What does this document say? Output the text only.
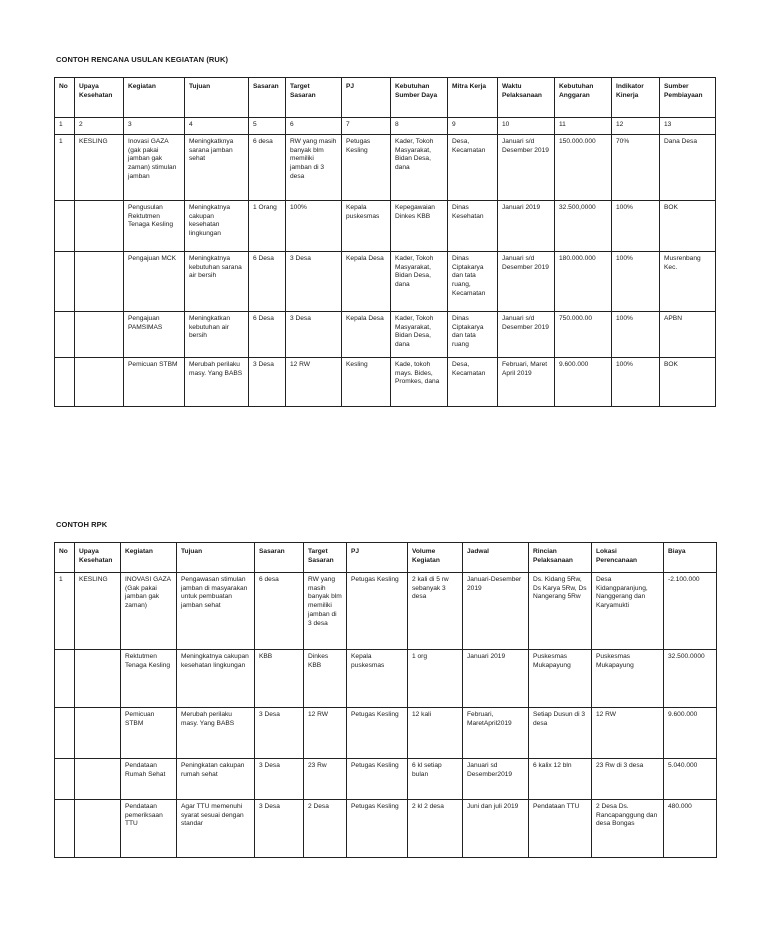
CONTOH RENCANA USULAN KEGIATAN (RUK)
No	Upaya Kesehatan	Kegiatan	Tujuan	Sasaran	Target Sasaran	PJ	Kebutuhan Sumber Daya	Mitra Kerja	Waktu Pelaksanaan	Kebutuhan Anggaran	Indikator Kinerja	Sumber Pembiayaan
1	2	3	4	5	6	7	8	9	10	11	12	13
1	KESLING	Inovasi GAZA (gak pakai jamban gak zaman) stimulan jamban	Meningkatknya sarana jamban sehat	6 desa	RW yang masih banyak blm memiliki jamban di 3 desa	Petugas Kesling	Kader, Tokoh Masyarakat, Bidan Desa, dana	Desa, Kecamatan	Januari s/d Desember 2019	150.000.000	70%	Dana Desa
		Pengusulan Rektutmen Tenaga Kesling	Meningkatnya cakupan kesehatan lingkungan	1 Orang	100%	Kepala puskesmas	Kepegawaian Dinkes KBB	Dinas Kesehatan	Januari 2019	32.500,0000	100%	BOK
		Pengajuan MCK	Meningkatnya kebutuhan sarana air bersih	6 Desa	3 Desa	Kepala Desa	Kader, Tokoh Masyarakat, Bidan Desa, dana	Dinas Ciptakarya dan tata ruang, Kecamatan	Januari s/d Desember 2019	180.000.000	100%	Musrenbang Kec.
		Pengajuan PAMSIMAS	Meningkatkan kebutuhan air bersih	6 Desa	3 Desa	Kepala Desa	Kader, Tokoh Masyarakat, Bidan Desa, dana	Dinas Ciptakarya dan tata ruang	Januari s/d Desember 2019	750.000.00	100%	APBN
		Pemicuan STBM	Merubah perilaku masy. Yang BABS	3 Desa	12 RW	Kesling	Kade, tokoh mays. Bides, Promkes, dana	Desa, Kecamatan	Februari, Maret April 2019	9.600.000	100%	BOK
CONTOH RPK
No	Upaya Kesehatan	Kegiatan	Tujuan	Sasaran	Target Sasaran	PJ	Volume Kegiatan	Jadwal	Rincian Pelaksanaan	Lokasi Perencanaan	Biaya
1	KESLING	INOVASI GAZA (Gak pakai jamban gak zaman)	Pengawasan stimulan jamban di masyarakan untuk pembuatan jamban sehat	6 desa	RW yang masih banyak blm memiliki jamban di 3 desa	Petugas Kesling	2 kali di 5 rw sebanyak 3 desa	Januari-Desember 2019	Ds. Kidang 5Rw, Ds Karya 5Rw, Ds Nangerang 5Rw	Desa Kidangparanjung, Nanggerang dan Karyamukti	-2.100.000
		Rektutmen Tenaga Kesling	Meningkatnya cakupan kesehatan lingkungan	KBB	Dinkes KBB	Kepala puskesmas	1 org	Januari 2019	Puskesmas Mukapayung	Puskesmas Mukapayung	32.500.0000
		Pemicuan STBM	Merubah perilaku masy. Yang BABS	3 Desa	12 RW	Petugas Kesling	12 kali	Februari, MaretApril2019	Setiap Dusun di 3 desa	12 RW	9.600.000
		Pendataan Rumah Sehat	Peningkatan cakupan rumah sehat	3 Desa	23 Rw	Petugas Kesling	6 kl setiap bulan	Januari sd Desember2019	6 kalix 12 bln	23 Rw di 3 desa	5.040.000
		Pendataan pemeriksaan TTU	Agar TTU memenuhi syarat sesuai dengan standar	3 Desa	2 Desa	Petugas Kesling	2 kl 2 desa	Juni dan juli 2019	Pendataan TTU	2 Desa Ds. Rancapanggung dan desa Bongas	480.000
